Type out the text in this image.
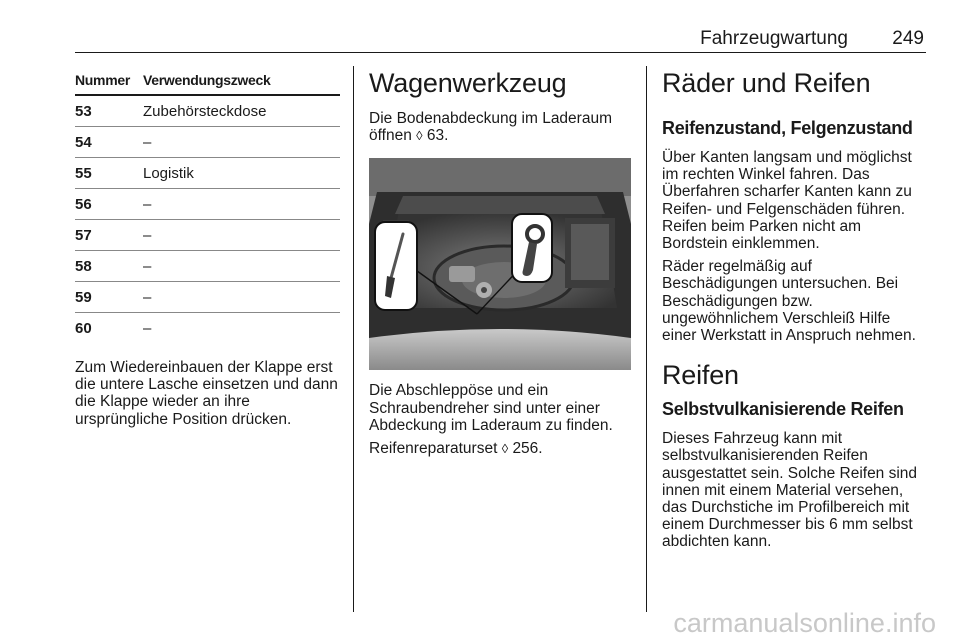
Fahrzeugwartung 249
Nummer	Verwendungszweck
53	Zubehörsteckdose
54	–
55	Logistik
56	–
57	–
58	–
59	–
60	–

Zum Wiedereinbauen der Klappe erst die untere Lasche einsetzen und dann die Klappe wieder an ihre ursprüngliche Position drücken.

Wagenwerkzeug

Die Bodenabdeckung im Laderaum öffnen ◊ 63.

Die Abschleppöse und ein Schraubendreher sind unter einer Abdeckung im Laderaum zu finden.

Reifenreparaturset ◊ 256.

Räder und Reifen
Reifenzustand, Felgenzustand

Über Kanten langsam und möglichst im rechten Winkel fahren. Das Überfahren scharfer Kanten kann zu Reifen- und Felgenschäden führen. Reifen beim Parken nicht am Bordstein einklemmen.

Räder regelmäßig auf Beschädigungen untersuchen. Bei Beschädigungen bzw. ungewöhnlichem Verschleiß Hilfe einer Werkstatt in Anspruch nehmen.

Reifen
Selbstvulkanisierende Reifen

Dieses Fahrzeug kann mit selbstvulkanisierenden Reifen ausgestattet sein. Solche Reifen sind innen mit einem Material versehen, das Durchstiche im Profilbereich mit einem Durchmesser bis 6 mm selbst abdichten kann.

carmanualsonline.info
